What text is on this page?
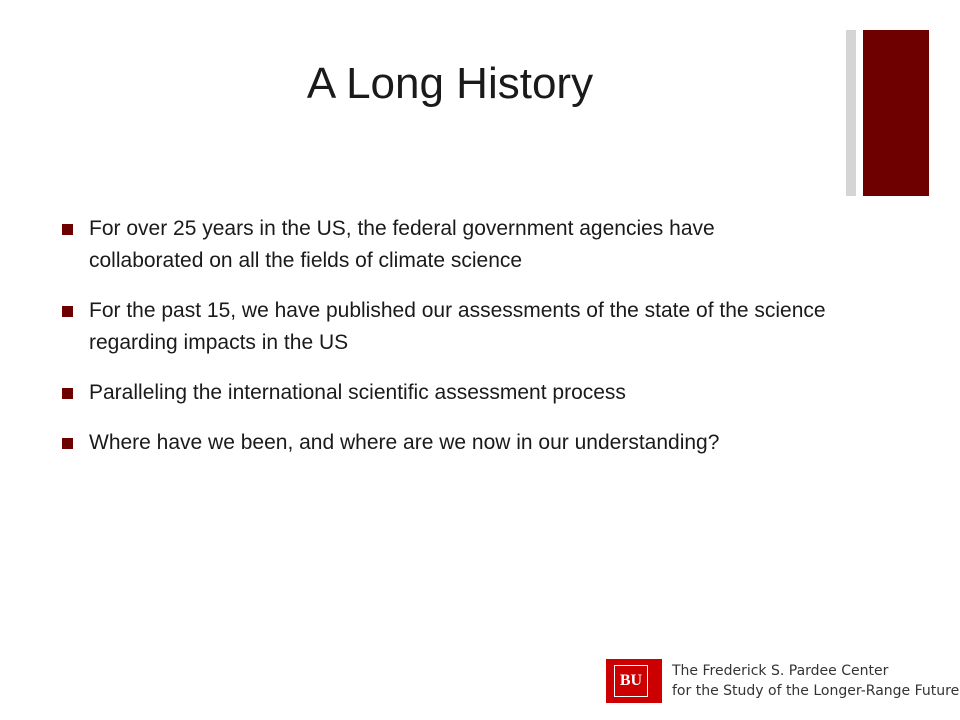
A Long History
For over 25 years in the US, the federal government agencies have collaborated on all the fields of climate science
For the past 15, we have published our assessments of the state of the science regarding impacts in the US
Paralleling the international scientific assessment process
Where have we been, and where are we now in our understanding?
BU
The Frederick S. Pardee Center
for the Study of the Longer-Range Future
